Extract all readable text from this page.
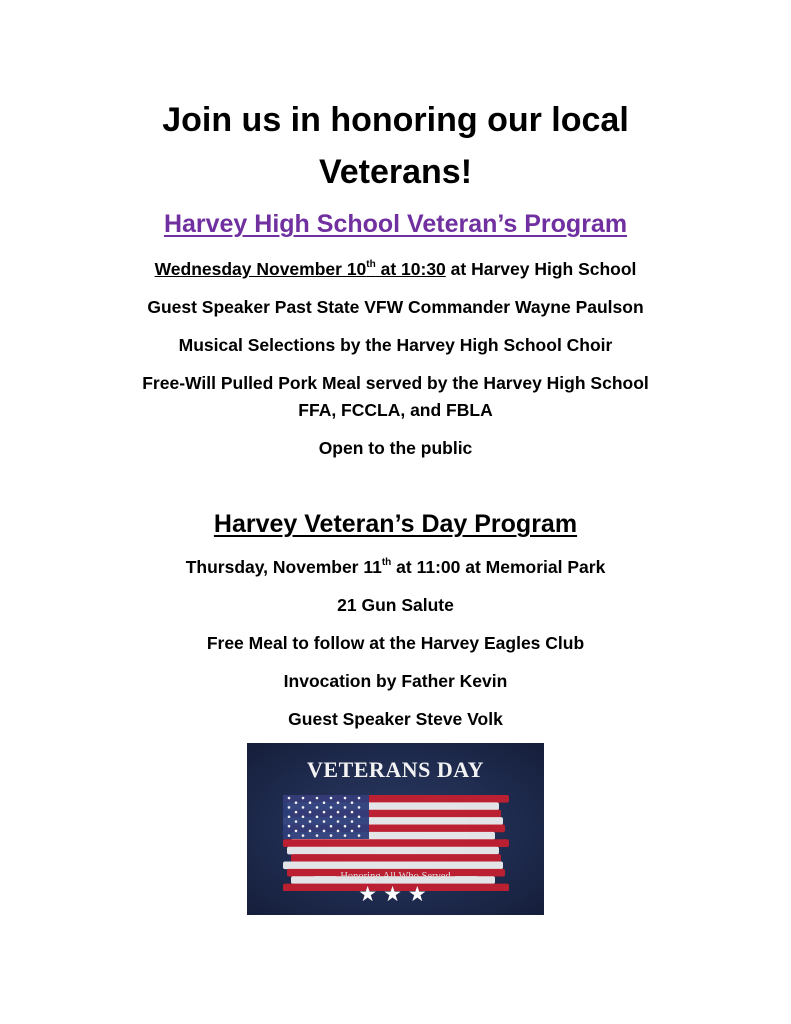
Join us in honoring our local
Veterans!
Harvey High School Veteran’s Program
Wednesday November 10th at 10:30 at Harvey High School
Guest Speaker Past State VFW Commander Wayne Paulson
Musical Selections by the Harvey High School Choir
Free-Will Pulled Pork Meal served by the Harvey High School
FFA, FCCLA, and FBLA
Open to the public
Harvey Veteran’s Day Program
Thursday, November 11th at 11:00 at Memorial Park
21 Gun Salute
Free Meal to follow at the Harvey Eagles Club
Invocation by Father Kevin
Guest Speaker Steve Volk
VETERANS DAY
Honoring All Who Served
★★★
